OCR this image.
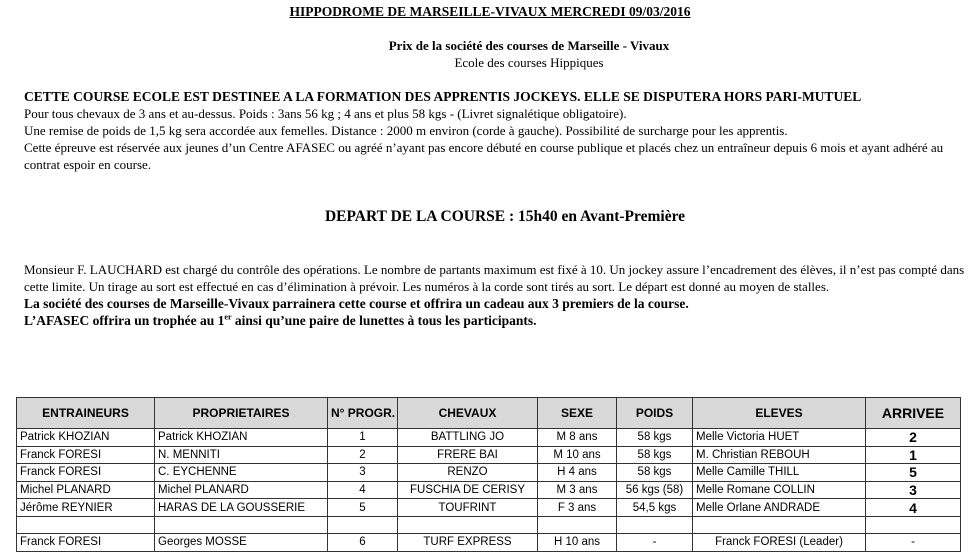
HIPPODROME DE MARSEILLE-VIVAUX MERCREDI 09/03/2016
Prix de la société des courses de Marseille - Vivaux
Ecole des courses Hippiques
CETTE COURSE ECOLE EST DESTINEE A LA FORMATION DES APPRENTIS JOCKEYS. ELLE SE DISPUTERA HORS PARI-MUTUEL
Pour tous chevaux de 3 ans et au-dessus. Poids : 3ans 56 kg ; 4 ans et plus 58 kgs - (Livret signalétique obligatoire).
Une remise de poids de 1,5 kg sera accordée aux femelles. Distance : 2000 m environ (corde à gauche). Possibilité de surcharge pour les apprentis.
Cette épreuve est réservée aux jeunes d’un Centre AFASEC ou agréé n’ayant pas encore débuté en course publique et placés chez un entraîneur depuis 6 mois et ayant adhéré au contrat espoir en course.
DEPART DE LA COURSE : 15h40 en Avant-Première
Monsieur F. LAUCHARD est chargé du contrôle des opérations. Le nombre de partants maximum est fixé à 10. Un jockey assure l’encadrement des élèves, il n’est pas compté dans cette limite. Un tirage au sort est effectué en cas d’élimination à prévoir. Les numéros à la corde sont tirés au sort. Le départ est donné au moyen de stalles.
La société des courses de Marseille-Vivaux parrainera cette course et offrira un cadeau aux 3 premiers de la course.
L’AFASEC offrira un trophée au 1er ainsi qu’une paire de lunettes à tous les participants.
ENTRAINEURS	PROPRIETAIRES	N° PROGR.	CHEVAUX	SEXE	POIDS	ELEVES	ARRIVEE
Patrick KHOZIAN	Patrick KHOZIAN	1	BATTLING JO	M 8 ans	58 kgs	Melle Victoria HUET	2
Franck FORESI	N. MENNITI	2	FRERE BAI	M 10 ans	58 kgs	M. Christian REBOUH	1
Franck FORESI	C. EYCHENNE	3	RENZO	H 4 ans	58 kgs	Melle Camille THILL	5
Michel PLANARD	Michel PLANARD	4	FUSCHIA DE CERISY	M 3 ans	56 kgs (58)	Melle Romane COLLIN	3
Jérôme REYNIER	HARAS DE LA GOUSSERIE	5	TOUFRINT	F 3 ans	54,5 kgs	Melle Orlane ANDRADE	4

Franck FORESI	Georges MOSSE	6	TURF EXPRESS	H 10 ans	-	Franck FORESI (Leader)	-
